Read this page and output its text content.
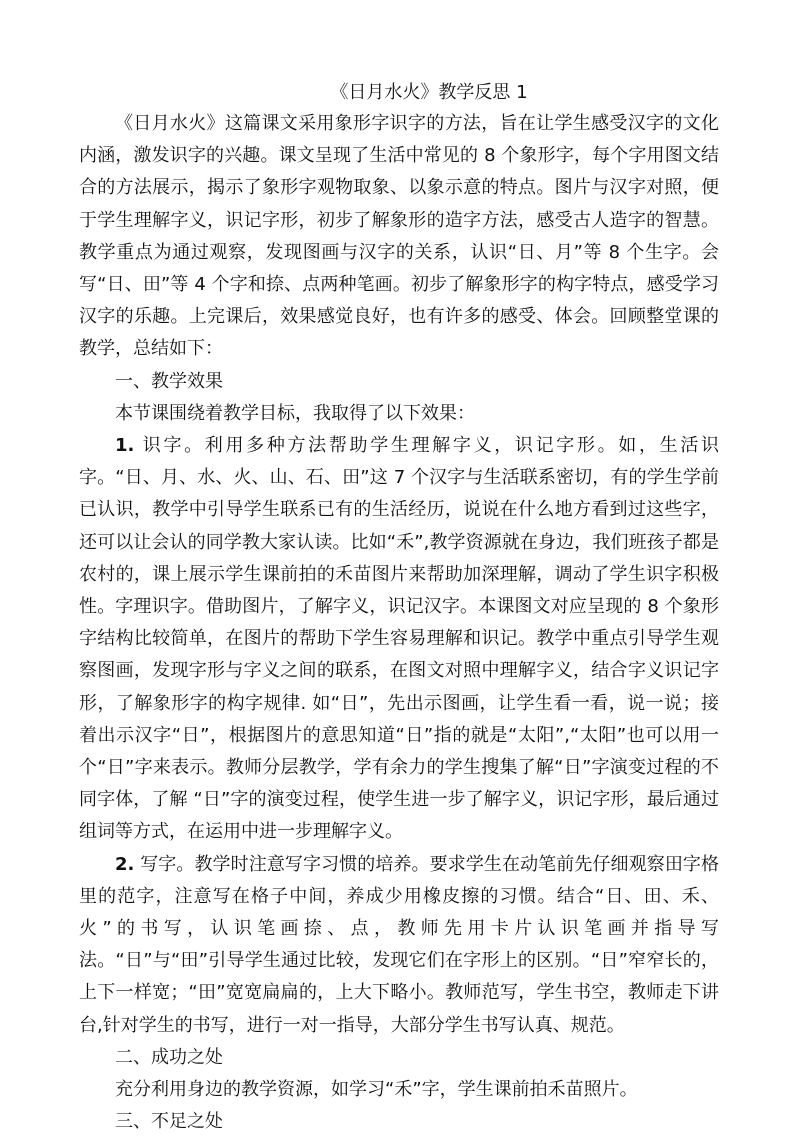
《日月水火》教学反思 1

《日月水火》这篇课文采用象形字识字的方法，旨在让学生感受汉字的文化内涵，激发识字的兴趣。课文呈现了生活中常见的 8 个象形字，每个字用图文结合的方法展示，揭示了象形字观物取象、以象示意的特点。图片与汉字对照，便于学生理解字义，识记字形，初步了解象形的造字方法，感受古人造字的智慧。教学重点为通过观察，发现图画与汉字的关系，认识“日、月”等 8 个生字。会写“日、田”等 4 个字和捺、点两种笔画。初步了解象形字的构字特点，感受学习汉字的乐趣。上完课后，效果感觉良好，也有许多的感受、体会。回顾整堂课的教学，总结如下：

一、教学效果

本节课围绕着教学目标，我取得了以下效果：

1. 识字。利用多种方法帮助学生理解字义，识记字形。如，生活识字。“日、月、水、火、山、石、田”这 7 个汉字与生活联系密切，有的学生学前已认识，教学中引导学生联系已有的生活经历，说说在什么地方看到过这些字，还可以让会认的同学教大家认读。比如“禾”,教学资源就在身边，我们班孩子都是农村的，课上展示学生课前拍的禾苗图片来帮助加深理解，调动了学生识字积极性。字理识字。借助图片，了解字义，识记汉字。本课图文对应呈现的 8 个象形字结构比较简单，在图片的帮助下学生容易理解和识记。教学中重点引导学生观察图画，发现字形与字义之间的联系，在图文对照中理解字义，结合字义识记字形，了解象形字的构字规律. 如“日”，先出示图画，让学生看一看，说一说；接着出示汉字“日”，根据图片的意思知道“日”指的就是“太阳”,“太阳”也可以用一个“日”字来表示。教师分层教学，学有余力的学生搜集了解“日”字演变过程的不同字体，了解 “日”字的演变过程，使学生进一步了解字义，识记字形，最后通过组词等方式，在运用中进一步理解字义。

2. 写字。教学时注意写字习惯的培养。要求学生在动笔前先仔细观察田字格里的范字，注意写在格子中间，养成少用橡皮擦的习惯。结合“日、田、禾、火”的书写，认识笔画捺、点，教师先用卡片认识笔画并指导写法。“日”与“田”引导学生通过比较，发现它们在字形上的区别。“日”窄窄长的，上下一样宽；“田”宽宽扁扁的，上大下略小。教师范写，学生书空，教师走下讲台,针对学生的书写，进行一对一指导，大部分学生书写认真、规范。

二、成功之处

充分利用身边的教学资源，如学习“禾”字，学生课前拍禾苗照片。

三、不足之处
